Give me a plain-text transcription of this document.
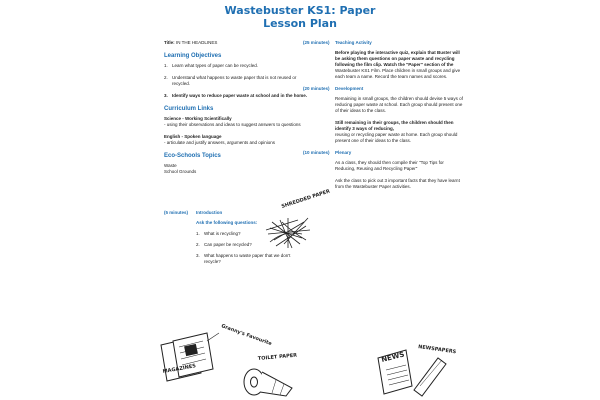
Wastebuster KS1: Paper
Lesson Plan
Title: IN THE HEADLINES
Learning Objectives
1. Learn what types of paper can be recycled.
2. Understand what happens to waste paper that is not reused or recycled.
3. Identify ways to reduce paper waste at school and in the home.
Curriculum Links
Science - Working Scientifically
- using their observations and ideas to suggest answers to questions
English - Spoken language
- articulate and justify answers, arguments and opinions
Eco-Schools Topics
Waste
School Grounds
(5 minutes)	Introduction
Ask the following questions:
1. What is recycling?
2. Can paper be recycled?
3. What happens to waste paper that we don't recycle?
(25 minutes)	Teaching Activity
Before playing the interactive quiz, explain that Buster will be asking them questions on paper waste and recycling following the film clip. Watch the "Paper" section of the
Wastebuster KS1 Film. Place children in small groups and give each team a name. Record the team names and scores.
(20 minutes)	Development
Remaining in small groups, the children should devise 5 ways of reducing paper waste at school. Each group should present one of their ideas to the class.
Still remaining in their groups, the children should then identify 3 ways of reducing,
reusing or recycling paper waste at home. Each group should present one of their ideas to the class.
(10 minutes)	Plenary
As a class, they should then compile their "Top Tips for Reducing, Reusing and Recycling Paper"
Ask the class to pick out 3 important facts that they have learnt from the Wastebuster Paper activities.
SHREDDED PAPER
MAGAZINES
Granny's Favourite
TOILET PAPER	NEWS
NEWSPAPERS
